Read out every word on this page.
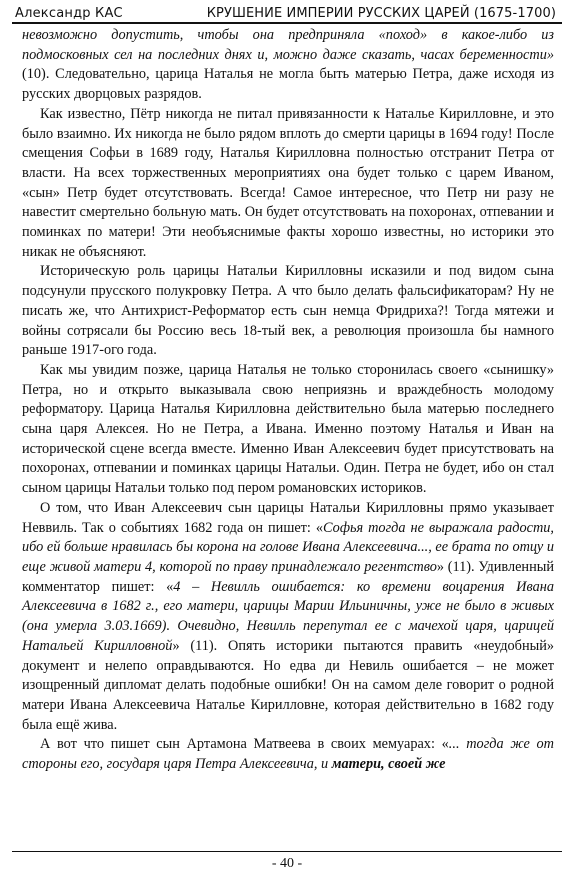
Александр КАС	КРУШЕНИЕ ИМПЕРИИ РУССКИХ ЦАРЕЙ (1675-1700)

невозможно допустить, чтобы она предприняла «поход» в какое-либо из подмосковных сел на последних днях и, можно даже сказать, часах беременности» (10). Следовательно, царица Наталья не могла быть матерью Петра, даже исходя из русских дворцовых разрядов.

Как известно, Пётр никогда не питал привязанности к Наталье Кирилловне, и это было взаимно. Их никогда не было рядом вплоть до смерти царицы в 1694 году! После смещения Софьи в 1689 году, Наталья Кирилловна полностью отстранит Петра от власти. На всех торжественных мероприятиях она будет только с царем Иваном, «сын» Петр будет отсутствовать. Всегда! Самое интересное, что Петр ни разу не навестит смертельно больную мать. Он будет отсутствовать на похоронах, отпевании и поминках по матери! Эти необъяснимые факты хорошо известны, но историки это никак не объясняют.

Историческую роль царицы Натальи Кирилловны исказили и под видом сына подсунули прусского полукровку Петра. А что было делать фальсификаторам? Ну не писать же, что Антихрист-Реформатор есть сын немца Фридриха?! Тогда мятежи и войны сотрясали бы Россию весь 18-тый век, а революция произошла бы намного раньше 1917-ого года.

Как мы увидим позже, царица Наталья не только сторонилась своего «сынишку» Петра, но и открыто выказывала свою неприязнь и враждебность молодому реформатору. Царица Наталья Кирилловна действительно была матерью последнего сына царя Алексея. Но не Петра, а Ивана. Именно поэтому Наталья и Иван на исторической сцене всегда вместе. Именно Иван Алексеевич будет присутствовать на похоронах, отпевании и поминках царицы Натальи. Один. Петра не будет, ибо он стал сыном царицы Натальи только под пером романовских историков.

О том, что Иван Алексеевич сын царицы Натальи Кирилловны прямо указывает Неввиль. Так о событиях 1682 года он пишет: «Софья тогда не выражала радости, ибо ей больше нравилась бы корона на голове Ивана Алексеевича..., ее брата по отцу и еще живой матери 4, которой по праву принадлежало регентство» (11). Удивленный комментатор пишет: «4 – Невилль ошибается: ко времени воцарения Ивана Алексеевича в 1682 г., его матери, царицы Марии Ильиничны, уже не было в живых (она умерла 3.03.1669). Очевидно, Невилль перепутал ее с мачехой царя, царицей Натальей Кирилловной» (11). Опять историки пытаются править «неудобный» документ и нелепо оправдываются. Но едва ди Невиль ошибается – не может изощренный дипломат делать подобные ошибки! Он на самом деле говорит о родной матери Ивана Алексеевича Наталье Кирилловне, которая действительно в 1682 году была ещё жива.

А вот что пишет сын Артамона Матвеева в своих мемуарах: «... тогда же от стороны его, государя царя Петра Алексеевича, и матери, своей же

- 40 -
